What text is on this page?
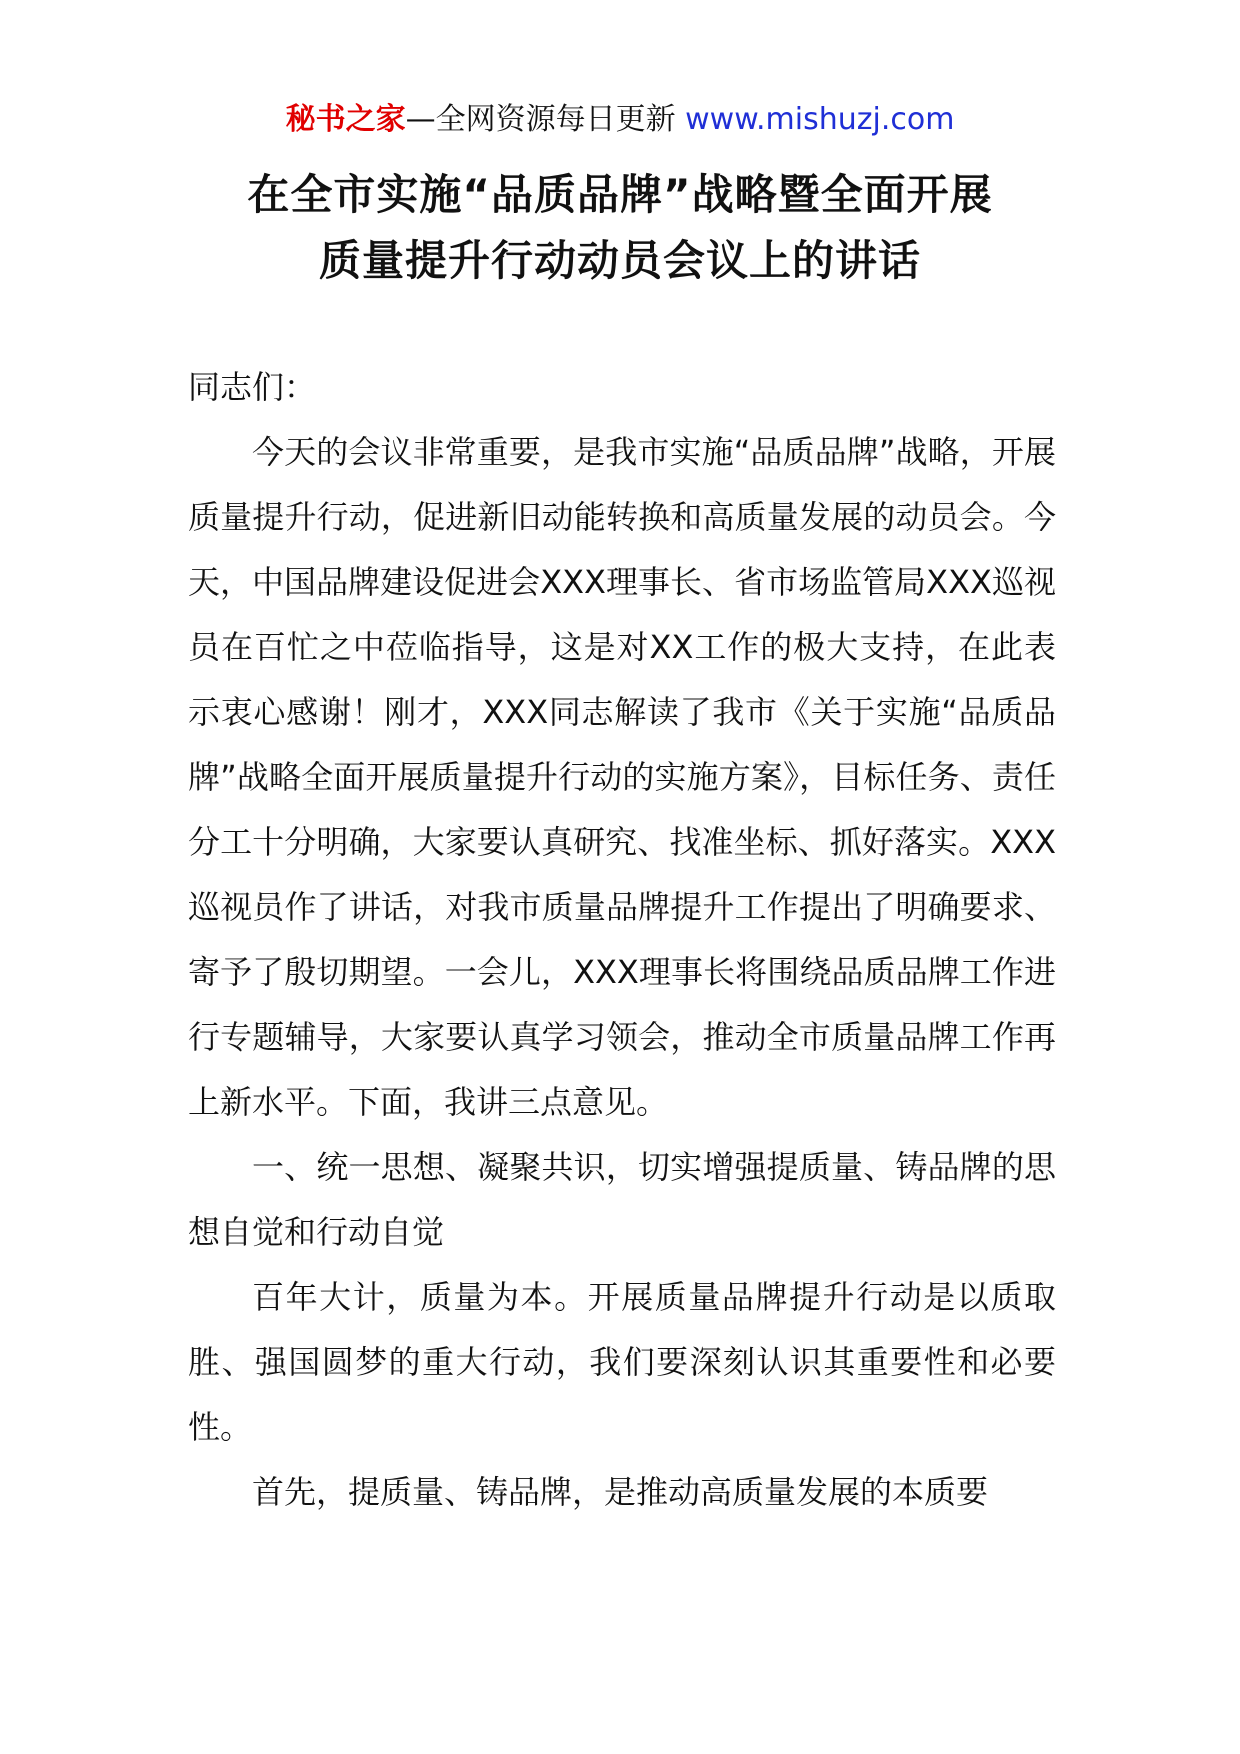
秘书之家—全网资源每日更新 www.mishuzj.com
在全市实施“品质品牌”战略暨全面开展
质量提升行动动员会议上的讲话

同志们：

今天的会议非常重要，是我市实施“品质品牌”战略，开展质量提升行动，促进新旧动能转换和高质量发展的动员会。今天，中国品牌建设促进会XXX理事长、省市场监管局XXX巡视员在百忙之中莅临指导，这是对XX工作的极大支持，在此表示衷心感谢！刚才，XXX同志解读了我市《关于实施“品质品牌”战略全面开展质量提升行动的实施方案》，目标任务、责任分工十分明确，大家要认真研究、找准坐标、抓好落实。XXX巡视员作了讲话，对我市质量品牌提升工作提出了明确要求、寄予了殷切期望。一会儿，XXX理事长将围绕品质品牌工作进行专题辅导，大家要认真学习领会，推动全市质量品牌工作再上新水平。下面，我讲三点意见。

一、统一思想、凝聚共识，切实增强提质量、铸品牌的思想自觉和行动自觉

百年大计，质量为本。开展质量品牌提升行动是以质取胜、强国圆梦的重大行动，我们要深刻认识其重要性和必要性。

首先，提质量、铸品牌，是推动高质量发展的本质要
